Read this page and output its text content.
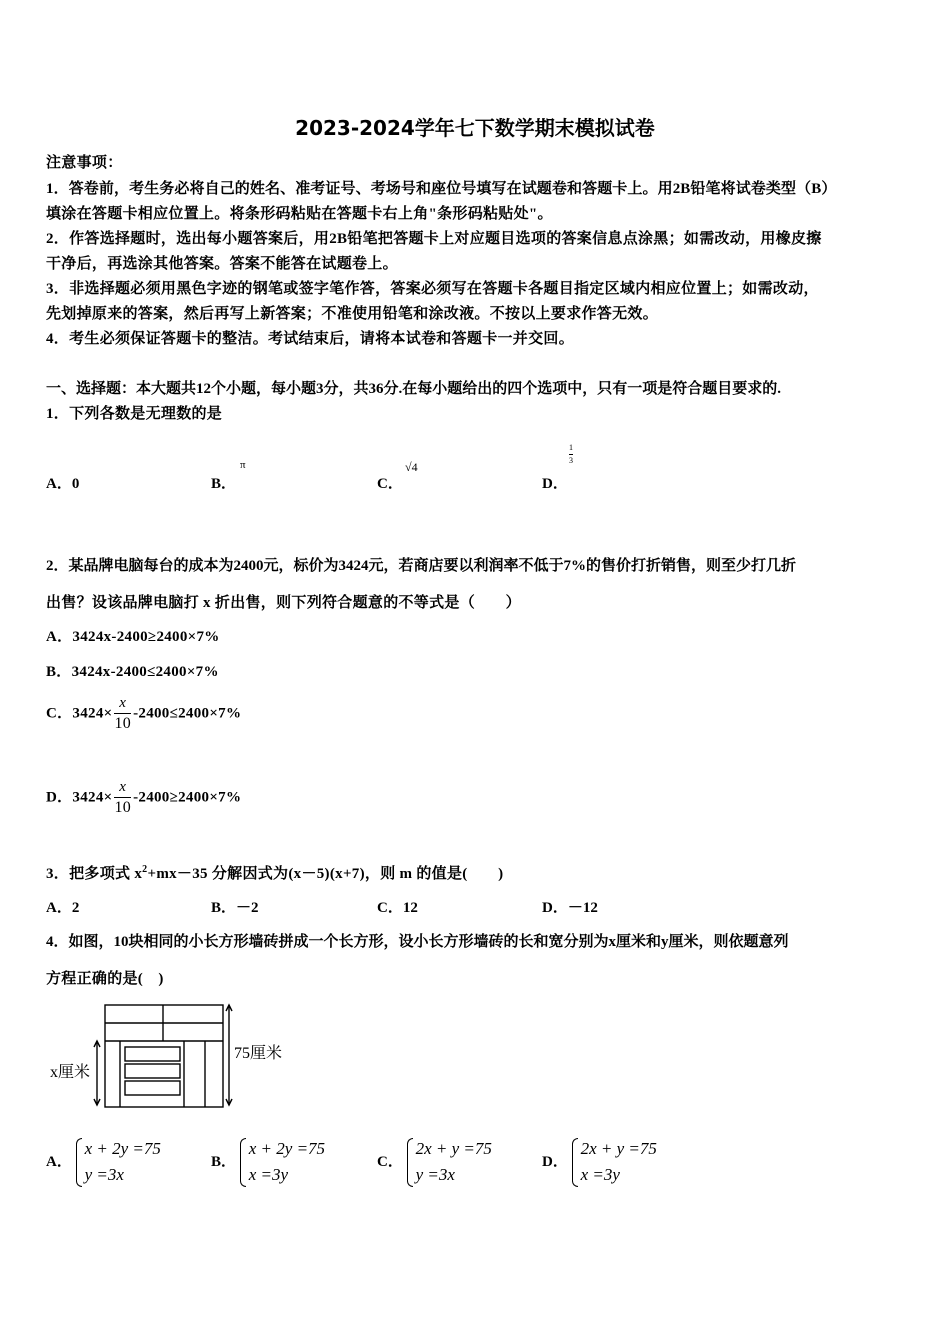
2023-2024学年七下数学期末模拟试卷
注意事项：
1．答卷前，考生务必将自己的姓名、准考证号、考场号和座位号填写在试题卷和答题卡上。用2B铅笔将试卷类型（B）
填涂在答题卡相应位置上。将条形码粘贴在答题卡右上角"条形码粘贴处"。
2．作答选择题时，选出每小题答案后，用2B铅笔把答题卡上对应题目选项的答案信息点涂黑；如需改动，用橡皮擦
干净后，再选涂其他答案。答案不能答在试题卷上。
3．非选择题必须用黑色字迹的钢笔或签字笔作答，答案必须写在答题卡各题目指定区域内相应位置上；如需改动，
先划掉原来的答案，然后再写上新答案；不准使用铅笔和涂改液。不按以上要求作答无效。
4．考生必须保证答题卡的整洁。考试结束后，请将本试卷和答题卡一并交回。
一、选择题：本大题共12个小题，每小题3分，共36分.在每小题给出的四个选项中，只有一项是符合题目要求的.
1．下列各数是无理数的是
A．0	B．
π
C．
√4
D．
$\frac{1}{3}$
2．某品牌电脑每台的成本为2400元，标价为3424元，若商店要以利润率不低于7%的售价打折销售，则至少打几折
出售？设该品牌电脑打 x 折出售，则下列符合题意的不等式是（　　）
A．3424x-2400≥2400×7%
B．3424x-2400≤2400×7%
C．$3424\times \frac{x}{10} -2400\le 2400\times 7\%$
D．$3424\times \frac{x}{10} -2400\ge 2400\times 7\%$
3．把多项式 $x^2+mx-35$ 分解因式为(x－5)(x+7)，则 m 的值是(　　)
A．2	B．－2	C．12	D．－12
4．如图，10块相同的小长方形墙砖拼成一个长方形，设小长方形墙砖的长和宽分别为x厘米和y厘米，则依题意列
方程正确的是(　)
x厘米
75厘米
A．
x + 2y =75
y =3x
B．
x + 2y =75
x =3y
C．
2x + y =75
y =3x
D．
2x + y =75
x =3y
